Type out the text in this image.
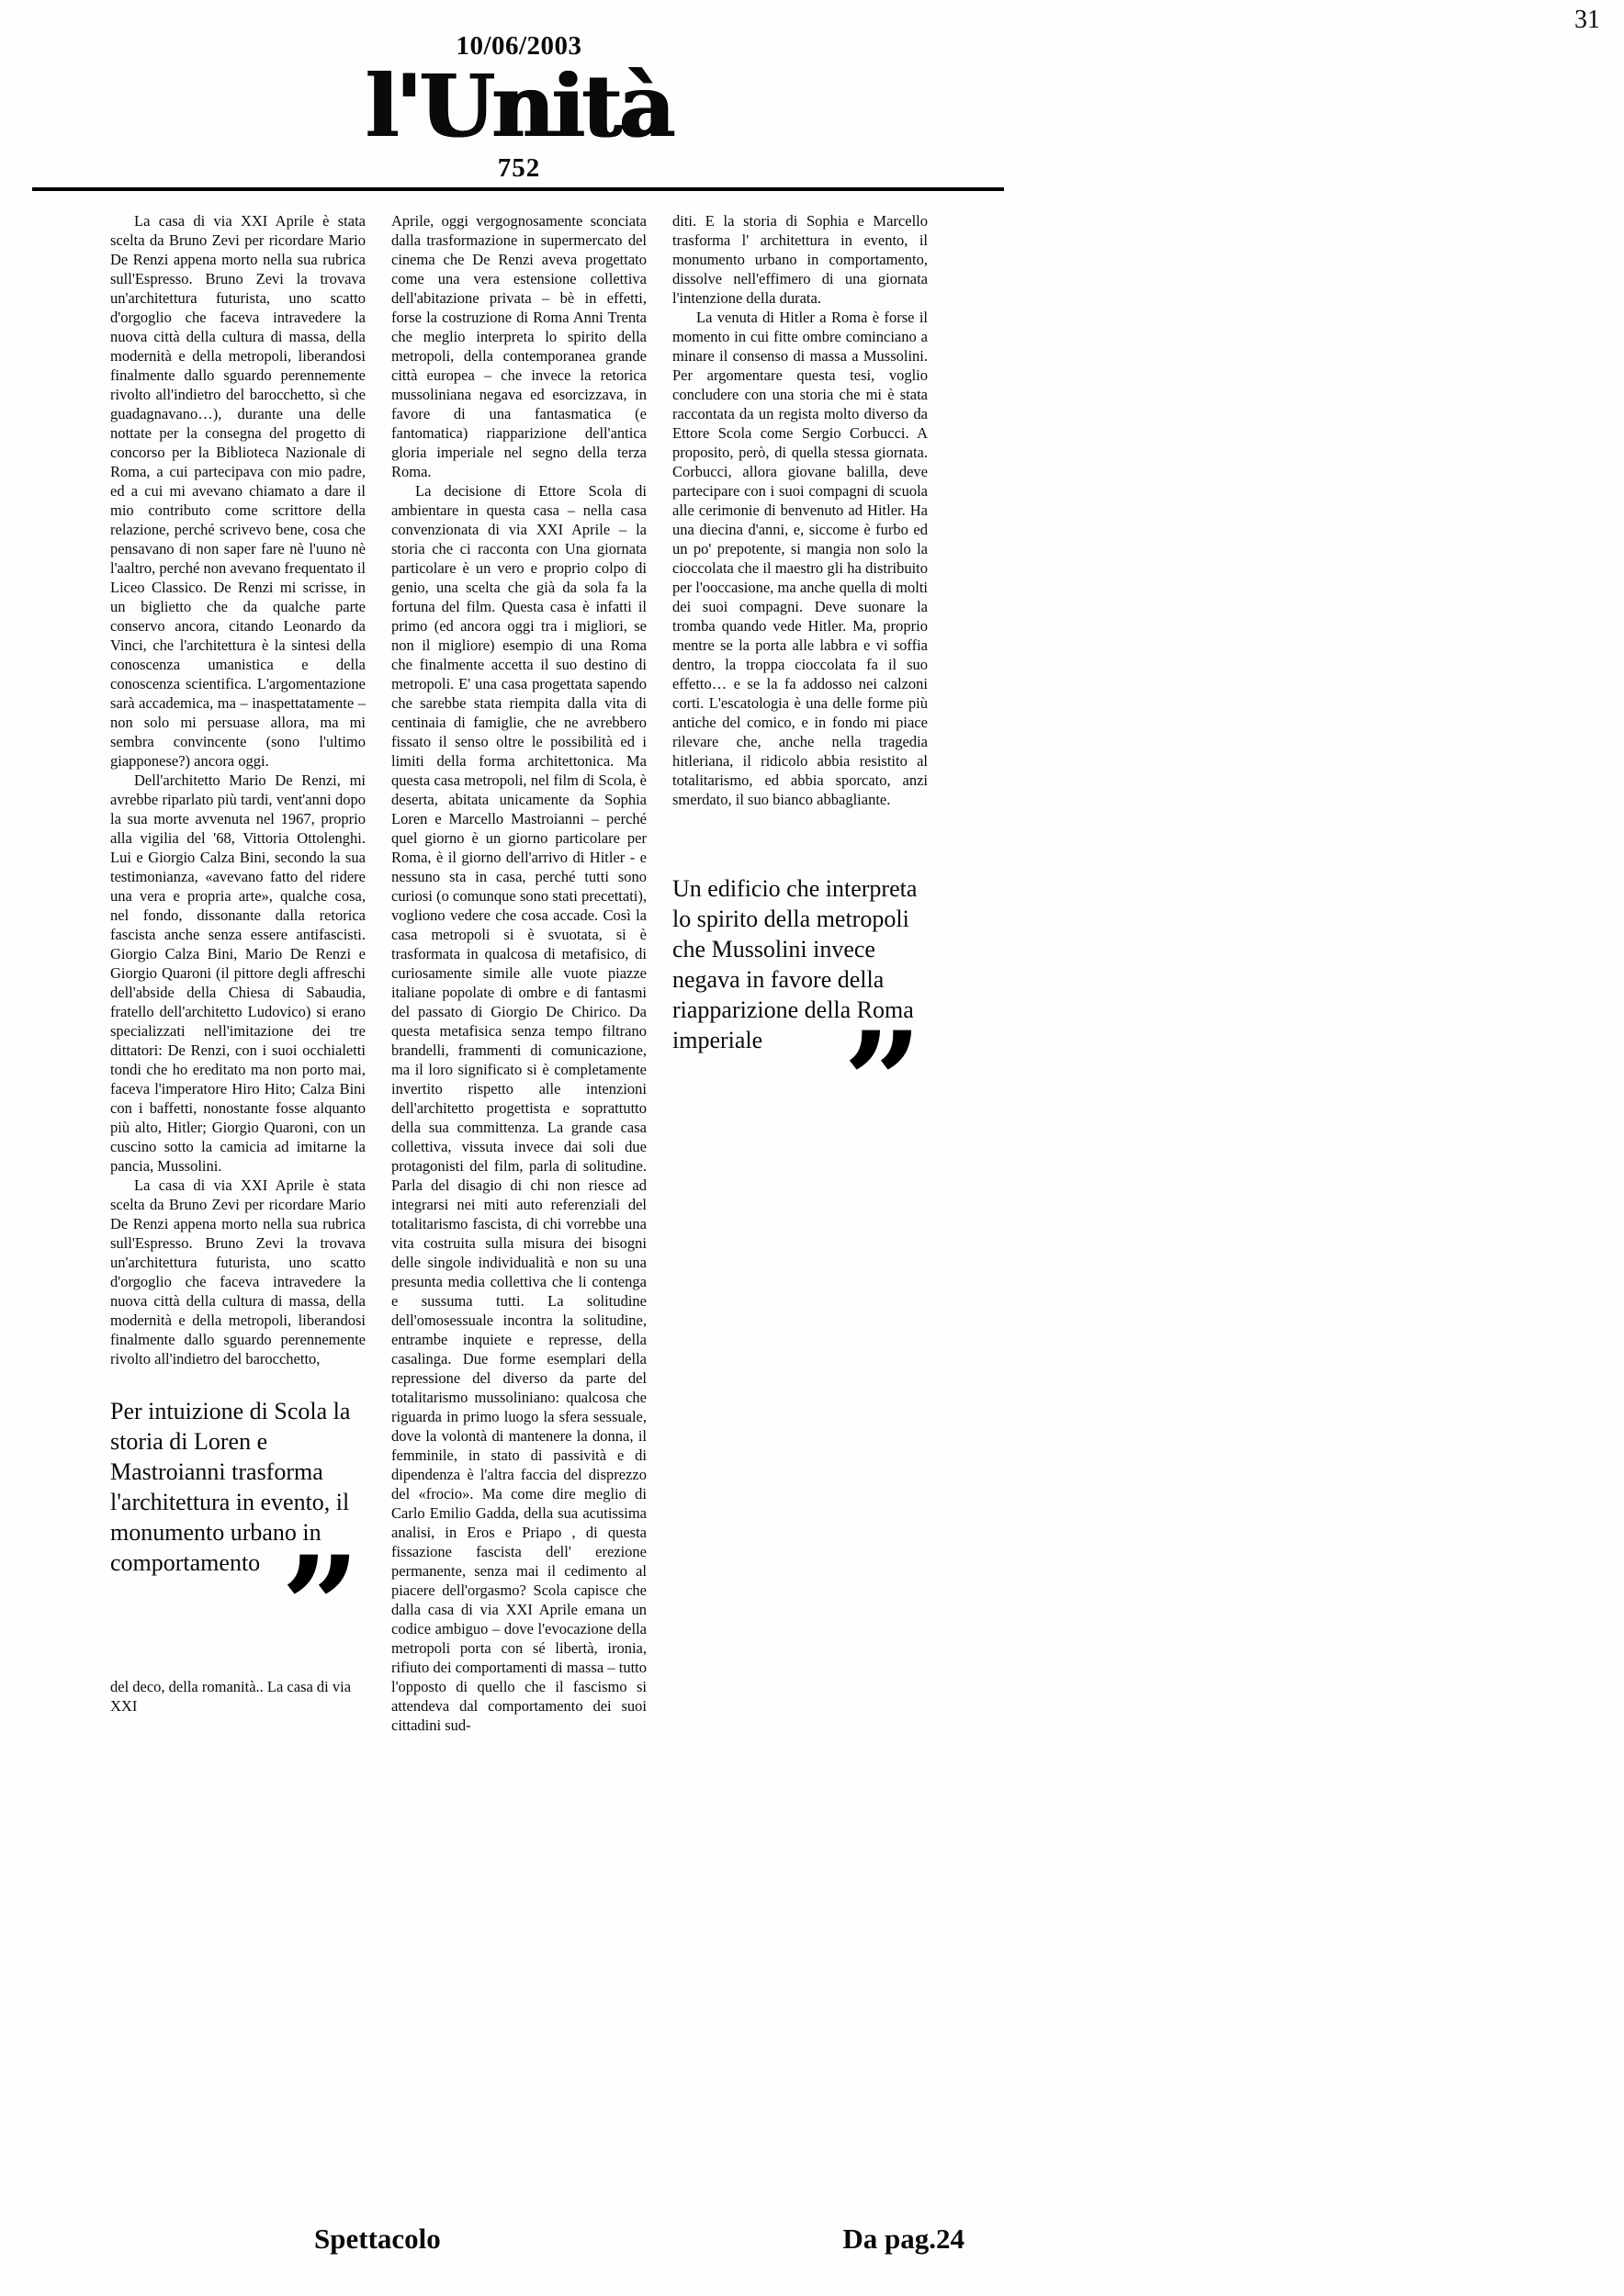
31
10/06/2003
l'Unità
752

La casa di via XXI Aprile è stata scelta da Bruno Zevi per ricordare Mario De Renzi appena morto nella sua rubrica sull'Espresso. Bruno Zevi la trovava un'architettura futurista, uno scatto d'orgoglio che faceva intravedere la nuova città della cultura di massa, della modernità e della metropoli, liberandosi finalmente dallo sguardo perennemente rivolto all'indietro del barocchetto, sì che guadagnavano…), durante una delle nottate per la consegna del progetto di concorso per la Biblioteca Nazionale di Roma, a cui partecipava con mio padre, ed a cui mi avevano chiamato a dare il mio contributo come scrittore della relazione, perché scrivevo bene, cosa che pensavano di non saper fare nè l'uuno nè l'aaltro, perché non avevano frequentato il Liceo Classico. De Renzi mi scrisse, in un biglietto che da qualche parte conservo ancora, citando Leonardo da Vinci, che l'architettura è la sintesi della conoscenza umanistica e della conoscenza scientifica. L'argomentazione sarà accademica, ma – inaspettatamente – non solo mi persuase allora, ma mi sembra convincente (sono l'ultimo giapponese?) ancora oggi.

Dell'architetto Mario De Renzi, mi avrebbe riparlato più tardi, vent'anni dopo la sua morte avvenuta nel 1967, proprio alla vigilia del '68, Vittoria Ottolenghi. Lui e Giorgio Calza Bini, secondo la sua testimonianza, «avevano fatto del ridere una vera e propria arte», qualche cosa, nel fondo, dissonante dalla retorica fascista anche senza essere antifascisti. Giorgio Calza Bini, Mario De Renzi e Giorgio Quaroni (il pittore degli affreschi dell'abside della Chiesa di Sabaudia, fratello dell'architetto Ludovico) si erano specializzati nell'imitazione dei tre dittatori: De Renzi, con i suoi occhialetti tondi che ho ereditato ma non porto mai, faceva l'imperatore Hiro Hito; Calza Bini con i baffetti, nonostante fosse alquanto più alto, Hitler; Giorgio Quaroni, con un cuscino sotto la camicia ad imitarne la pancia, Mussolini.

La casa di via XXI Aprile è stata scelta da Bruno Zevi per ricordare Mario De Renzi appena morto nella sua rubrica sull'Espresso. Bruno Zevi la trovava un'architettura futurista, uno scatto d'orgoglio che faceva intravedere la nuova città della cultura di massa, della modernità e della metropoli, liberandosi finalmente dallo sguardo perennemente rivolto all'indietro del barocchetto,

Per intuizione di Scola la storia di Loren e Mastroianni trasforma l'architettura in evento, il monumento urbano in comportamento ”

del deco, della romanità.. La casa di via XXI

Aprile, oggi vergognosamente sconciata dalla trasformazione in supermercato del cinema che De Renzi aveva progettato come una vera estensione collettiva dell'abitazione privata – bè in effetti, forse la costruzione di Roma Anni Trenta che meglio interpreta lo spirito della metropoli, della contemporanea grande città europea – che invece la retorica mussoliniana negava ed esorcizzava, in favore di una fantasmatica (e fantomatica) riapparizione dell'antica gloria imperiale nel segno della terza Roma.

La decisione di Ettore Scola di ambientare in questa casa – nella casa convenzionata di via XXI Aprile – la storia che ci racconta con Una giornata particolare è un vero e proprio colpo di genio, una scelta che già da sola fa la fortuna del film. Questa casa è infatti il primo (ed ancora oggi tra i migliori, se non il migliore) esempio di una Roma che finalmente accetta il suo destino di metropoli. E' una casa progettata sapendo che sarebbe stata riempita dalla vita di centinaia di famiglie, che ne avrebbero fissato il senso oltre le possibilità ed i limiti della forma architettonica. Ma questa casa metropoli, nel film di Scola, è deserta, abitata unicamente da Sophia Loren e Marcello Mastroianni – perché quel giorno è un giorno particolare per Roma, è il giorno dell'arrivo di Hitler - e nessuno sta in casa, perché tutti sono curiosi (o comunque sono stati precettati), vogliono vedere che cosa accade. Così la casa metropoli si è svuotata, si è trasformata in qualcosa di metafisico, di curiosamente simile alle vuote piazze italiane popolate di ombre e di fantasmi del passato di Giorgio De Chirico. Da questa metafisica senza tempo filtrano brandelli, frammenti di comunicazione, ma il loro significato si è completamente invertito rispetto alle intenzioni dell'architetto progettista e soprattutto della sua committenza. La grande casa collettiva, vissuta invece dai soli due protagonisti del film, parla di solitudine. Parla del disagio di chi non riesce ad integrarsi nei miti auto referenziali del totalitarismo fascista, di chi vorrebbe una vita costruita sulla misura dei bisogni delle singole individualità e non su una presunta media collettiva che li contenga e sussuma tutti. La solitudine dell'omosessuale incontra la solitudine, entrambe inquiete e represse, della casalinga. Due forme esemplari della repressione del diverso da parte del totalitarismo mussoliniano: qualcosa che riguarda in primo luogo la sfera sessuale, dove la volontà di mantenere la donna, il femminile, in stato di passività e di dipendenza è l'altra faccia del disprezzo del «frocio». Ma come dire meglio di Carlo Emilio Gadda, della sua acutissima analisi, in Eros e Priapo , di questa fissazione fascista dell' erezione permanente, senza mai il cedimento al piacere dell'orgasmo? Scola capisce che dalla casa di via XXI Aprile emana un codice ambiguo – dove l'evocazione della metropoli porta con sé libertà, ironia, rifiuto dei comportamenti di massa – tutto l'opposto di quello che il fascismo si attendeva dal comportamento dei suoi cittadini sud-

diti. E la storia di Sophia e Marcello trasforma l' architettura in evento, il monumento urbano in comportamento, dissolve nell'effimero di una giornata l'intenzione della durata.

La venuta di Hitler a Roma è forse il momento in cui fitte ombre cominciano a minare il consenso di massa a Mussolini. Per argomentare questa tesi, voglio concludere con una storia che mi è stata raccontata da un regista molto diverso da Ettore Scola come Sergio Corbucci. A proposito, però, di quella stessa giornata. Corbucci, allora giovane balilla, deve partecipare con i suoi compagni di scuola alle cerimonie di benvenuto ad Hitler. Ha una diecina d'anni, e, siccome è furbo ed un po' prepotente, si mangia non solo la cioccolata che il maestro gli ha distribuito per l'ooccasione, ma anche quella di molti dei suoi compagni. Deve suonare la tromba quando vede Hitler. Ma, proprio mentre se la porta alle labbra e vi soffia dentro, la troppa cioccolata fa il suo effetto… e se la fa addosso nei calzoni corti. L'escatologia è una delle forme più antiche del comico, e in fondo mi piace rilevare che, anche nella tragedia hitleriana, il ridicolo abbia resistito al totalitarismo, ed abbia sporcato, anzi smerdato, il suo bianco abbagliante.

Un edificio che interpreta lo spirito della metropoli che Mussolini invece negava in favore della riapparizione della Roma imperiale ”
Spettacolo	Da pag.24
